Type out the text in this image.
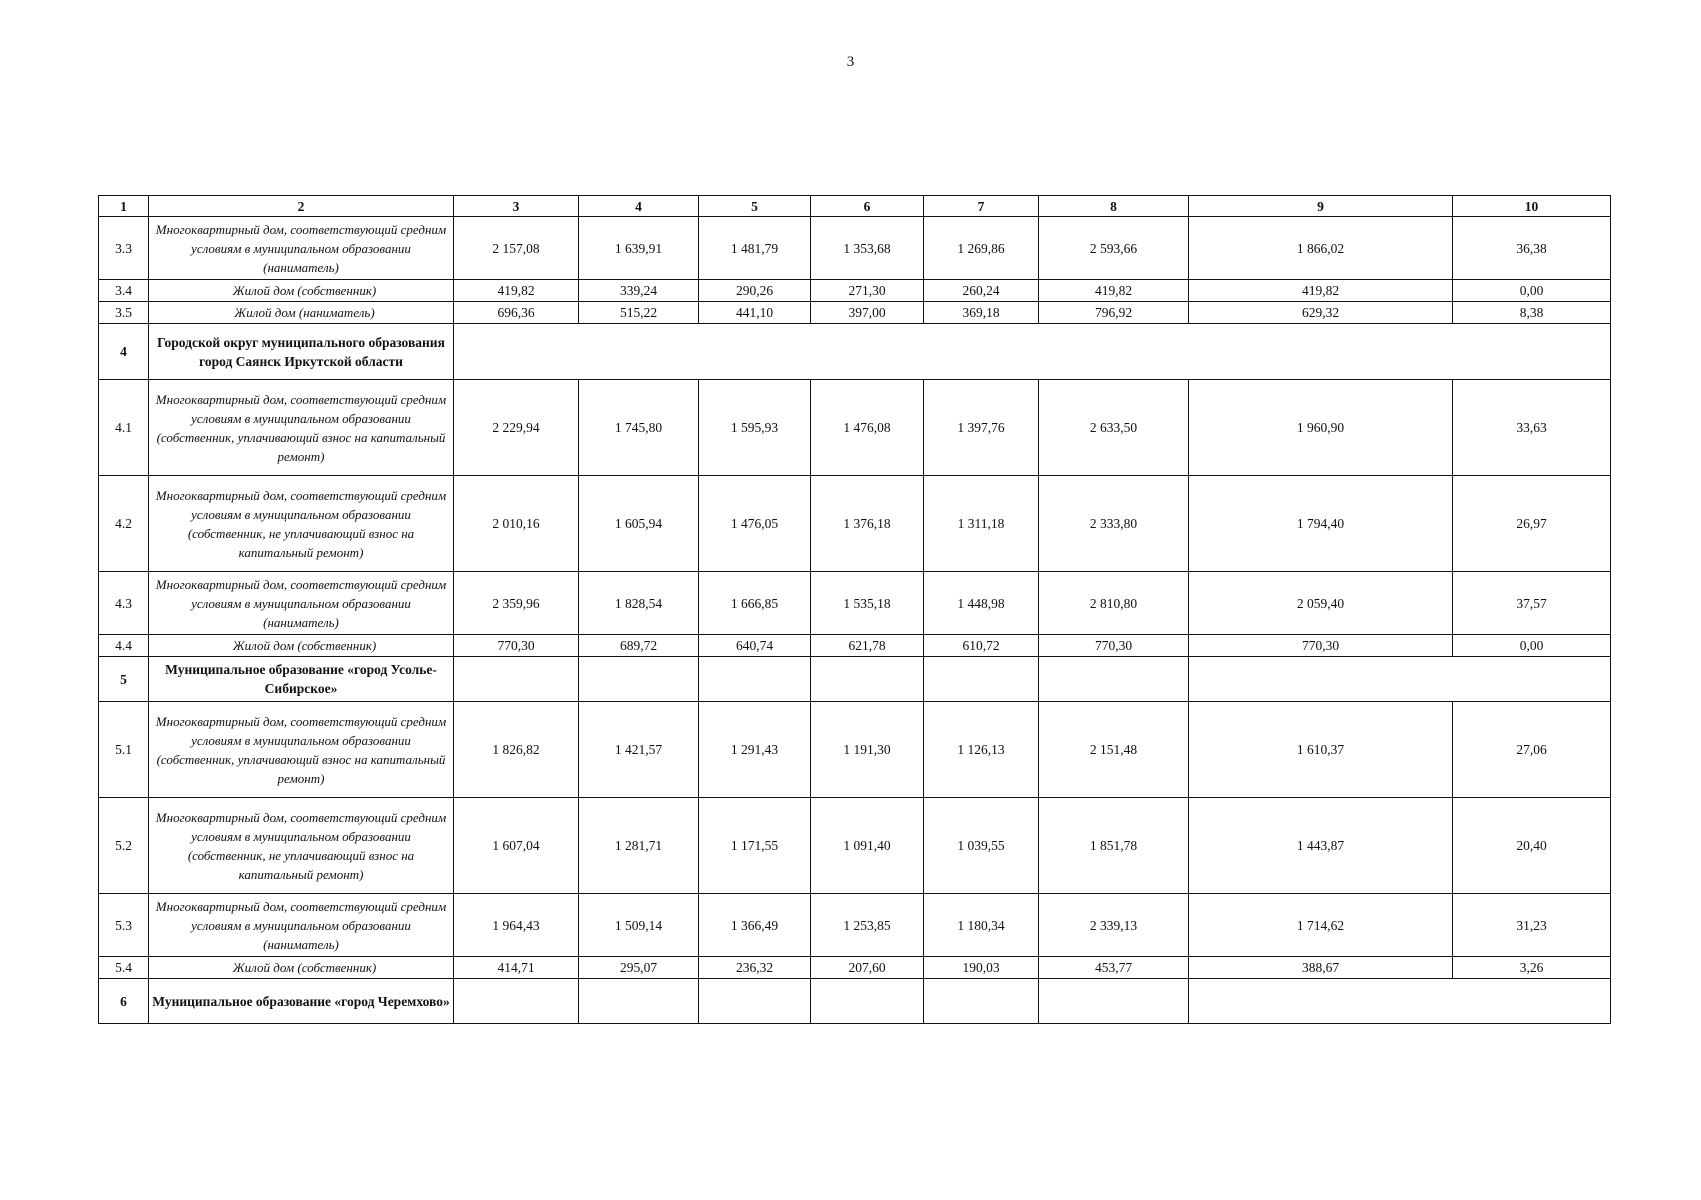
3
1	2	3	4	5	6	7	8	9	10
3.3	Многоквартирный дом, соответствующий средним условиям в муниципальном образовании (наниматель)	2 157,08	1 639,91	1 481,79	1 353,68	1 269,86	2 593,66	1 866,02	36,38
3.4	Жилой дом (собственник)	419,82	339,24	290,26	271,30	260,24	419,82	419,82	0,00
3.5	Жилой дом (наниматель)	696,36	515,22	441,10	397,00	369,18	796,92	629,32	8,38
4	Городской округ муниципального образования город Саянск Иркутской области								
4.1	Многоквартирный дом, соответствующий средним условиям в муниципальном образовании (собственник, уплачивающий взнос на капитальный ремонт)	2 229,94	1 745,80	1 595,93	1 476,08	1 397,76	2 633,50	1 960,90	33,63
4.2	Многоквартирный дом, соответствующий средним условиям в муниципальном образовании (собственник, не уплачивающий взнос на капитальный ремонт)	2 010,16	1 605,94	1 476,05	1 376,18	1 311,18	2 333,80	1 794,40	26,97
4.3	Многоквартирный дом, соответствующий средним условиям в муниципальном образовании (наниматель)	2 359,96	1 828,54	1 666,85	1 535,18	1 448,98	2 810,80	2 059,40	37,57
4.4	Жилой дом (собственник)	770,30	689,72	640,74	621,78	610,72	770,30	770,30	0,00
5	Муниципальное образование «город Усолье-Сибирское»								
5.1	Многоквартирный дом, соответствующий средним условиям в муниципальном образовании (собственник, уплачивающий взнос на капитальный ремонт)	1 826,82	1 421,57	1 291,43	1 191,30	1 126,13	2 151,48	1 610,37	27,06
5.2	Многоквартирный дом, соответствующий средним условиям в муниципальном образовании (собственник, не уплачивающий взнос на капитальный ремонт)	1 607,04	1 281,71	1 171,55	1 091,40	1 039,55	1 851,78	1 443,87	20,40
5.3	Многоквартирный дом, соответствующий средним условиям в муниципальном образовании (наниматель)	1 964,43	1 509,14	1 366,49	1 253,85	1 180,34	2 339,13	1 714,62	31,23
5.4	Жилой дом (собственник)	414,71	295,07	236,32	207,60	190,03	453,77	388,67	3,26
6	Муниципальное образование «город Черемхово»								
